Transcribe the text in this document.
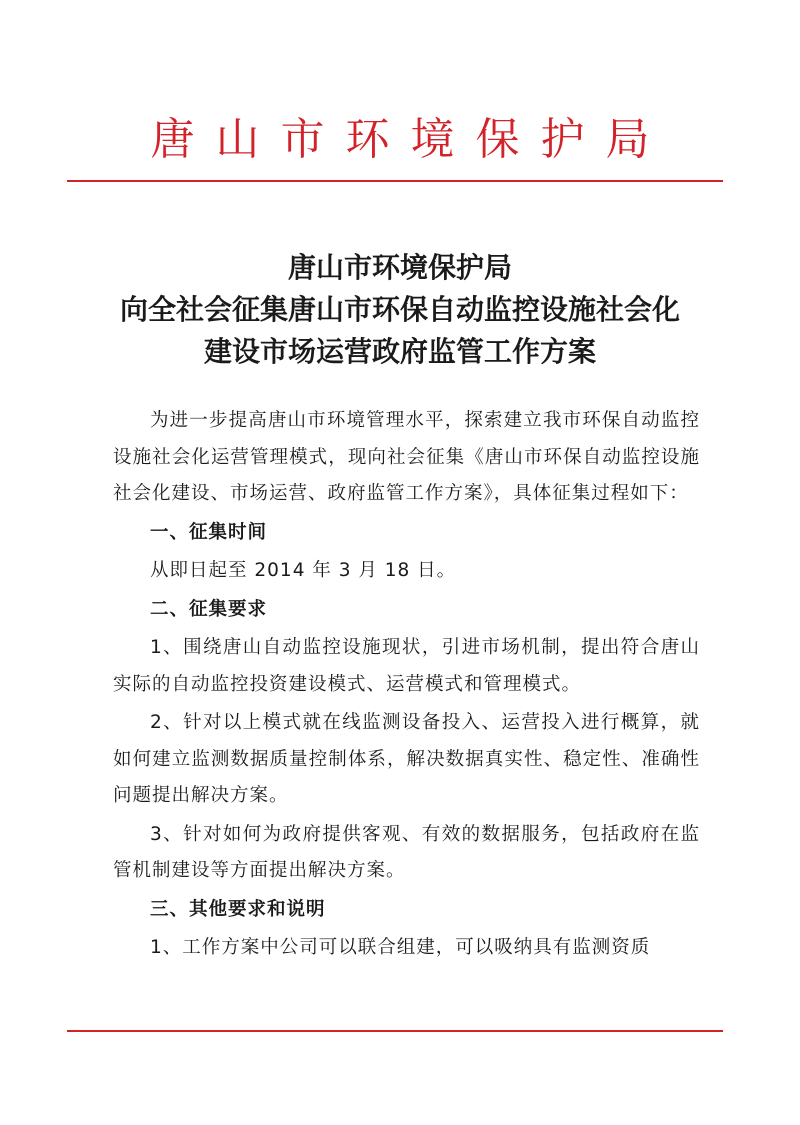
唐山市环境保护局
唐山市环境保护局
向全社会征集唐山市环保自动监控设施社会化
建设市场运营政府监管工作方案

为进一步提高唐山市环境管理水平，探索建立我市环保自动监控设施社会化运营管理模式，现向社会征集《唐山市环保自动监控设施社会化建设、市场运营、政府监管工作方案》，具体征集过程如下：

一、征集时间

从即日起至 2014 年 3 月 18 日。

二、征集要求

1、围绕唐山自动监控设施现状，引进市场机制，提出符合唐山实际的自动监控投资建设模式、运营模式和管理模式。

2、针对以上模式就在线监测设备投入、运营投入进行概算，就如何建立监测数据质量控制体系，解决数据真实性、稳定性、准确性问题提出解决方案。

3、针对如何为政府提供客观、有效的数据服务，包括政府在监管机制建设等方面提出解决方案。

三、其他要求和说明

1、工作方案中公司可以联合组建，可以吸纳具有监测资质
